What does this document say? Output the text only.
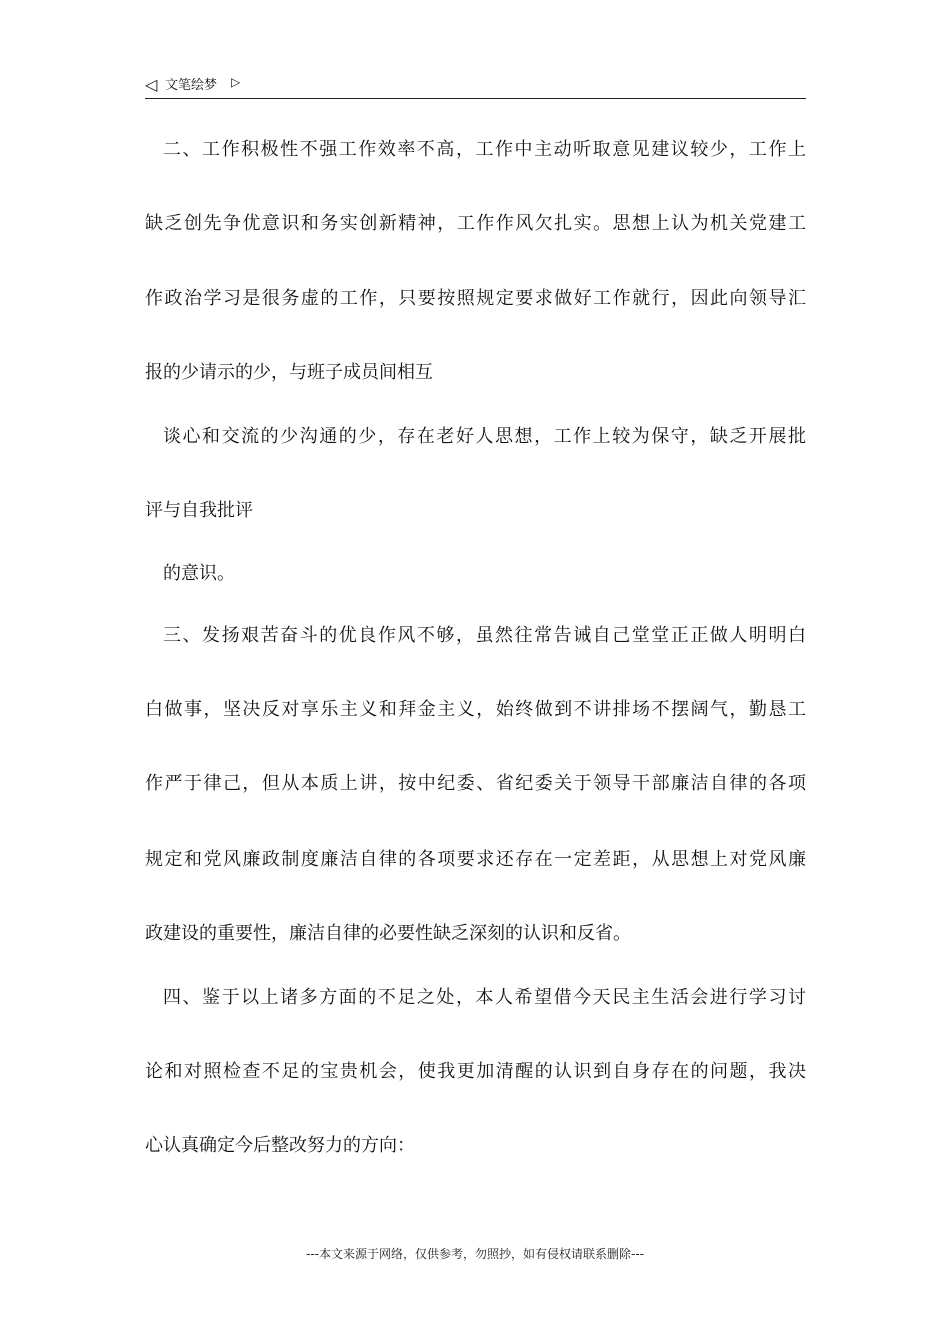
◁ 文笔绘梦 ▷
二、工作积极性不强工作效率不高，工作中主动听取意见建议较少，工作上
缺乏创先争优意识和务实创新精神，工作作风欠扎实。思想上认为机关党建工
作政治学习是很务虚的工作，只要按照规定要求做好工作就行，因此向领导汇
报的少请示的少，与班子成员间相互
谈心和交流的少沟通的少，存在老好人思想，工作上较为保守，缺乏开展批
评与自我批评
的意识。
三、发扬艰苦奋斗的优良作风不够，虽然往常告诫自己堂堂正正做人明明白
白做事，坚决反对享乐主义和拜金主义，始终做到不讲排场不摆阔气，勤恳工
作严于律己，但从本质上讲，按中纪委、省纪委关于领导干部廉洁自律的各项
规定和党风廉政制度廉洁自律的各项要求还存在一定差距，从思想上对党风廉
政建设的重要性，廉洁自律的必要性缺乏深刻的认识和反省。
四、鉴于以上诸多方面的不足之处，本人希望借今天民主生活会进行学习讨
论和对照检查不足的宝贵机会，使我更加清醒的认识到自身存在的问题，我决
心认真确定今后整改努力的方向：
---本文来源于网络，仅供参考，勿照抄，如有侵权请联系删除---
